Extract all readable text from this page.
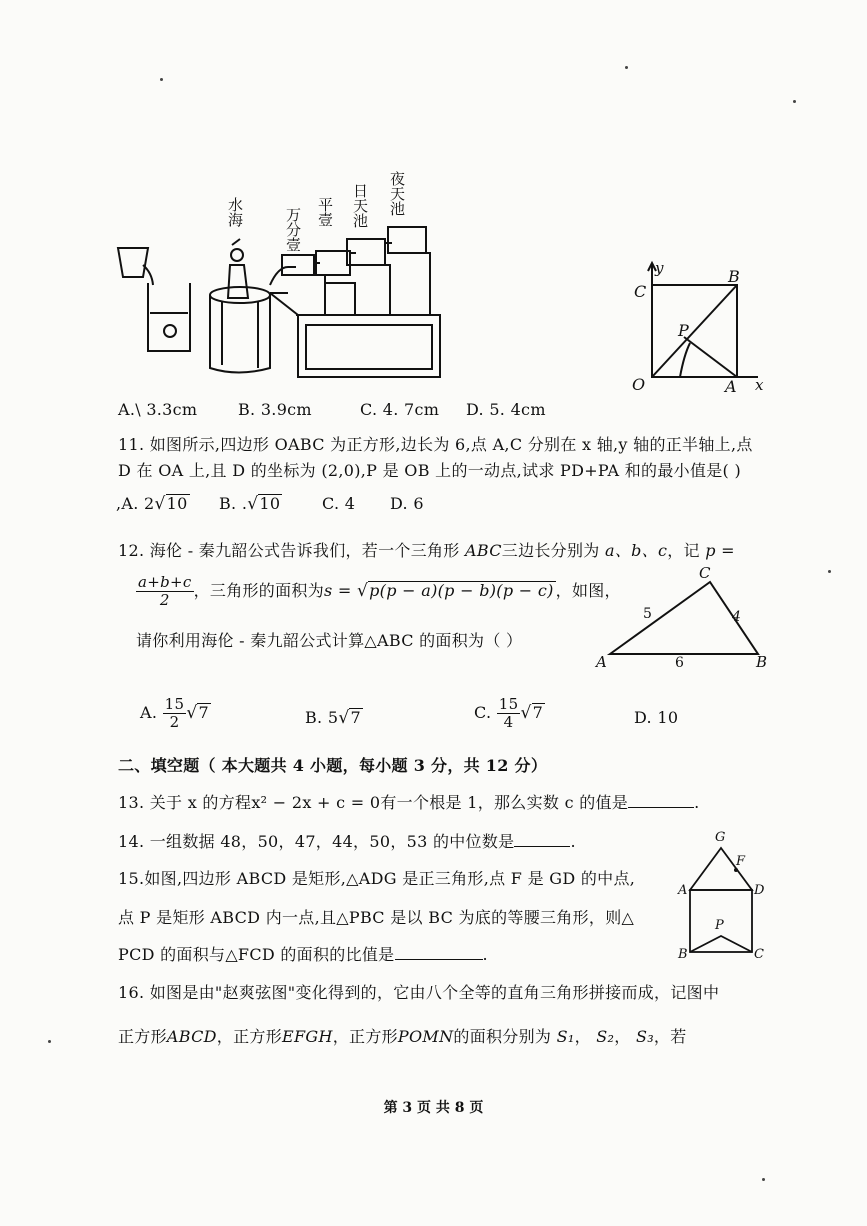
水海	万分壹 平壹 日天池 夜天池
y
x
C
B
P
O	A
A.\ 3.3cm	B. 3.9cm	C. 4. 7cm D. 5. 4cm
11. 如图所示,四边形 OABC 为正方形,边长为 6,点 A,C 分别在 x 轴,y 轴的正半轴上,点
D 在 OA 上,且 D 的坐标为 (2,0),P 是 OB 上的一动点,试求 PD+PA 和的最小值是( )
,A. 2√10 B. .√10	C. 4 D. 6
12. 海伦 - 秦九韶公式告诉我们，若一个三角形 ABC三边长分别为 a、b、c，记 p =
$\frac{a+b+c}{2}$ ，三角形的面积为s = √p(p − a)(p − b)(p − c) ，如图，
请你利用海伦 - 秦九韶公式计算△ABC 的面积为（ ）
A	B
C
5	4
6
A. $\frac{15}{2} √7$	B. 5√7	C. $\frac{15}{4} √7$	D. 10
二、填空题（ 本大题共 4 小题，每小题 3 分，共 12 分）
13. 关于 x 的方程x² − 2x + c = 0有一个根是 1，那么实数 c 的值是	.
14. 一组数据 48，50，47，44，50，53 的中位数是	.
15.如图,四边形 ABCD 是矩形,△ADG 是正三角形,点 F 是 GD 的中点,
点 P 是矩形 ABCD 内一点,且△PBC 是以 BC 为底的等腰三角形，则△
PCD 的面积与△FCD 的面积的比值是	.
G
F
A	D
P
B	C
16. 如图是由"赵爽弦图"变化得到的，它由八个全等的直角三角形拼接而成，记图中
正方形ABCD，正方形EFGH，正方形POMN的面积分别为 S₁， S₂， S₃，若
第 3 页 共 8 页
